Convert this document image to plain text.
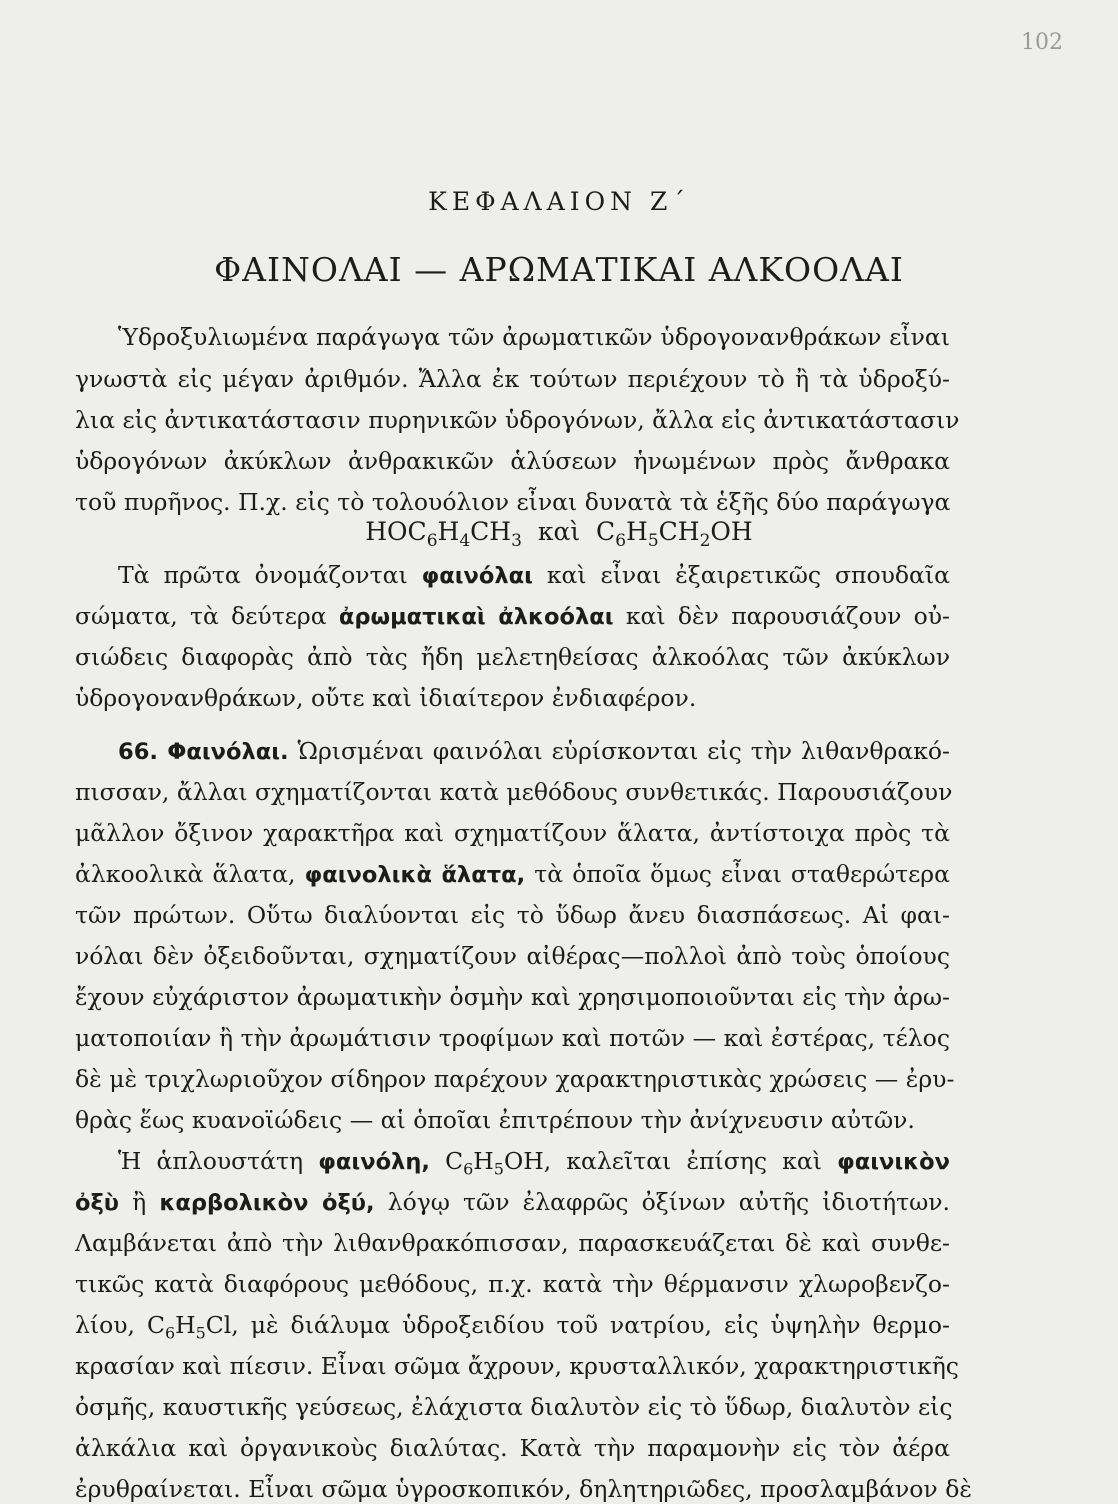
102
ΚΕΦΑΛΑΙΟΝ Ζ΄
ΦΑΙΝΟΛΑΙ — ΑΡΩΜΑΤΙΚΑΙ ΑΛΚΟΟΛΑΙ
Ὑδροξυλιωμένα παράγωγα τῶν ἀρωματικῶν ὑδρογονανθράκων εἶναι
γνωστὰ εἰς μέγαν ἀριθμόν. Ἄλλα ἐκ τούτων περιέχουν τὸ ἢ τὰ ὑδροξύ-
λια εἰς ἀντικατάστασιν πυρηνικῶν ὑδρογόνων, ἄλλα εἰς ἀντικατάστασιν
ὑδρογόνων ἀκύκλων ἀνθρακικῶν ἁλύσεων ἡνωμένων πρὸς ἄνθρακα
τοῦ πυρῆνος. Π.χ. εἰς τὸ τολουόλιον εἶναι δυνατὰ τὰ ἑξῆς δύο παράγωγα
$HOC_6H_4CH_3$ καὶ $C_6H_5CH_2OH$
Τὰ πρῶτα ὀνομάζονται φαινόλαι καὶ εἶναι ἐξαιρετικῶς σπουδαῖα
σώματα, τὰ δεύτερα ἀρωματικαὶ ἀλκοόλαι καὶ δὲν παρουσιάζουν οὐ-
σιώδεις διαφορὰς ἀπὸ τὰς ἤδη μελετηθείσας ἀλκοόλας τῶν ἀκύκλων
ὑδρογονανθράκων, οὔτε καὶ ἰδιαίτερον ἐνδιαφέρον.
66. Φαινόλαι. Ὡρισμέναι φαινόλαι εὑρίσκονται εἰς τὴν λιθανθρακό-
πισσαν, ἄλλαι σχηματίζονται κατὰ μεθόδους συνθετικάς. Παρουσιάζουν
μᾶλλον ὄξινον χαρακτῆρα καὶ σχηματίζουν ἅλατα, ἀντίστοιχα πρὸς τὰ
ἀλκοολικὰ ἅλατα, φαινολικὰ ἅλατα, τὰ ὁποῖα ὅμως εἶναι σταθερώτερα
τῶν πρώτων. Οὕτω διαλύονται εἰς τὸ ὕδωρ ἄνευ διασπάσεως. Αἱ φαι-
νόλαι δὲν ὀξειδοῦνται, σχηματίζουν αἰθέρας—πολλοὶ ἀπὸ τοὺς ὁποίους
ἔχουν εὐχάριστον ἀρωματικὴν ὀσμὴν καὶ χρησιμοποιοῦνται εἰς τὴν ἀρω-
ματοποιίαν ἢ τὴν ἀρωμάτισιν τροφίμων καὶ ποτῶν — καὶ ἐστέρας, τέλος
δὲ μὲ τριχλωριοῦχον σίδηρον παρέχουν χαρακτηριστικὰς χρώσεις — ἐρυ-
θρὰς ἕως κυανοϊώδεις — αἱ ὁποῖαι ἐπιτρέπουν τὴν ἀνίχνευσιν αὐτῶν.
Ἡ ἁπλουστάτη φαινόλη, $C_6H_5OH$, καλεῖται ἐπίσης καὶ φαινικὸν
ὀξὺ ἢ καρβολικὸν ὀξύ, λόγῳ τῶν ἐλαφρῶς ὀξίνων αὐτῆς ἰδιοτήτων.
Λαμβάνεται ἀπὸ τὴν λιθανθρακόπισσαν, παρασκευάζεται δὲ καὶ συνθε-
τικῶς κατὰ διαφόρους μεθόδους, π.χ. κατὰ τὴν θέρμανσιν χλωροβενζο-
λίου, $C_6H_5Cl$, μὲ διάλυμα ὑδροξειδίου τοῦ νατρίου, εἰς ὑψηλὴν θερμο-
κρασίαν καὶ πίεσιν. Εἶναι σῶμα ἄχρουν, κρυσταλλικόν, χαρακτηριστικῆς
ὀσμῆς, καυστικῆς γεύσεως, ἐλάχιστα διαλυτὸν εἰς τὸ ὕδωρ, διαλυτὸν εἰς
ἀλκάλια καὶ ὀργανικοὺς διαλύτας. Κατὰ τὴν παραμονὴν εἰς τὸν ἀέρα
ἐρυθραίνεται. Εἶναι σῶμα ὑγροσκοπικόν, δηλητηριῶδες, προσλαμβάνον δὲ
